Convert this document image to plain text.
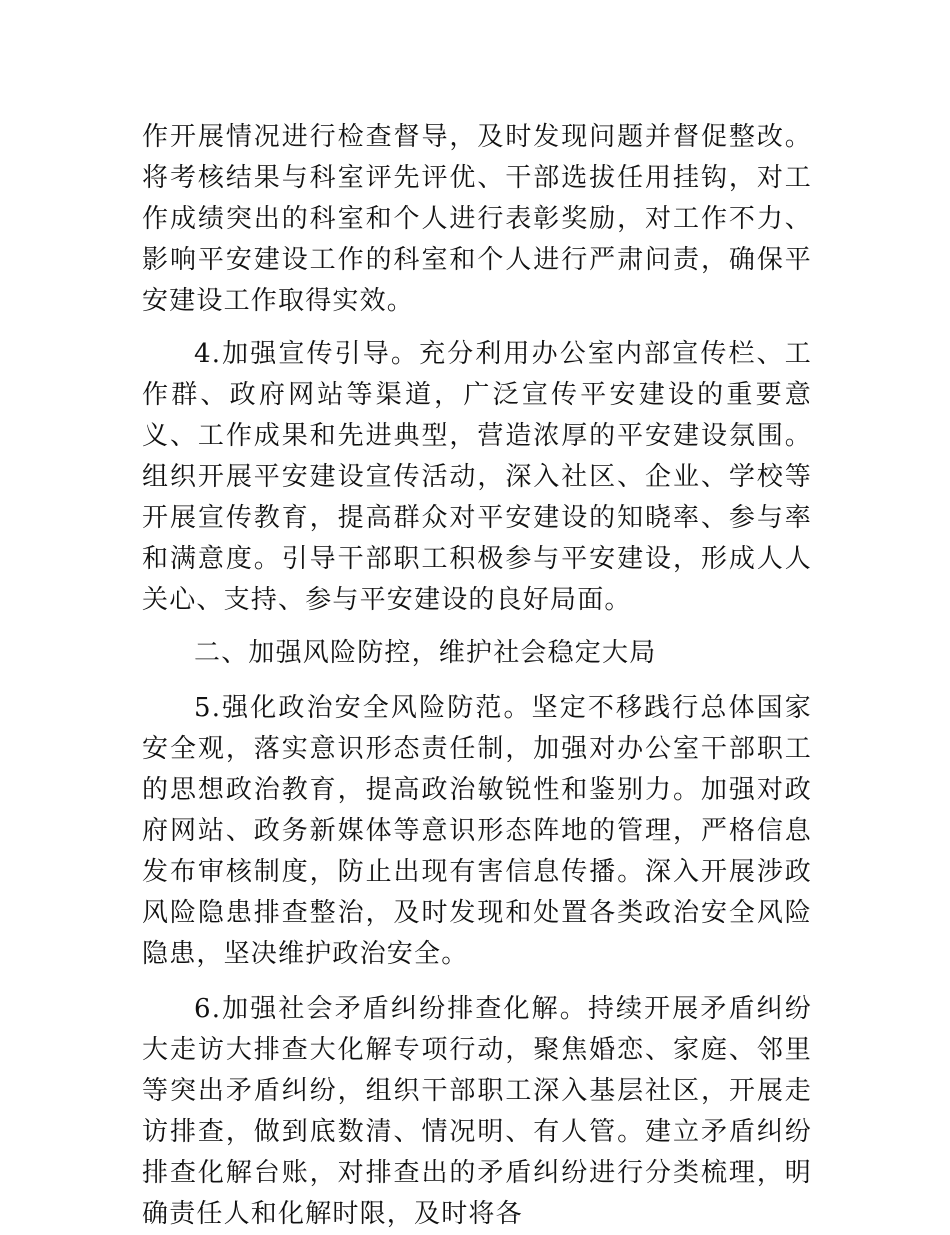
作开展情况进行检查督导，及时发现问题并督促整改。将考核结果与科室评先评优、干部选拔任用挂钩，对工作成绩突出的科室和个人进行表彰奖励，对工作不力、影响平安建设工作的科室和个人进行严肃问责，确保平安建设工作取得实效。

4.加强宣传引导。充分利用办公室内部宣传栏、工作群、政府网站等渠道，广泛宣传平安建设的重要意义、工作成果和先进典型，营造浓厚的平安建设氛围。组织开展平安建设宣传活动，深入社区、企业、学校等开展宣传教育，提高群众对平安建设的知晓率、参与率和满意度。引导干部职工积极参与平安建设，形成人人关心、支持、参与平安建设的良好局面。

二、加强风险防控，维护社会稳定大局

5.强化政治安全风险防范。坚定不移践行总体国家安全观，落实意识形态责任制，加强对办公室干部职工的思想政治教育，提高政治敏锐性和鉴别力。加强对政府网站、政务新媒体等意识形态阵地的管理，严格信息发布审核制度，防止出现有害信息传播。深入开展涉政风险隐患排查整治，及时发现和处置各类政治安全风险隐患，坚决维护政治安全。

6.加强社会矛盾纠纷排查化解。持续开展矛盾纠纷大走访大排查大化解专项行动，聚焦婚恋、家庭、邻里等突出矛盾纠纷，组织干部职工深入基层社区，开展走访排查，做到底数清、情况明、有人管。建立矛盾纠纷排查化解台账，对排查出的矛盾纠纷进行分类梳理，明确责任人和化解时限，及时将各
